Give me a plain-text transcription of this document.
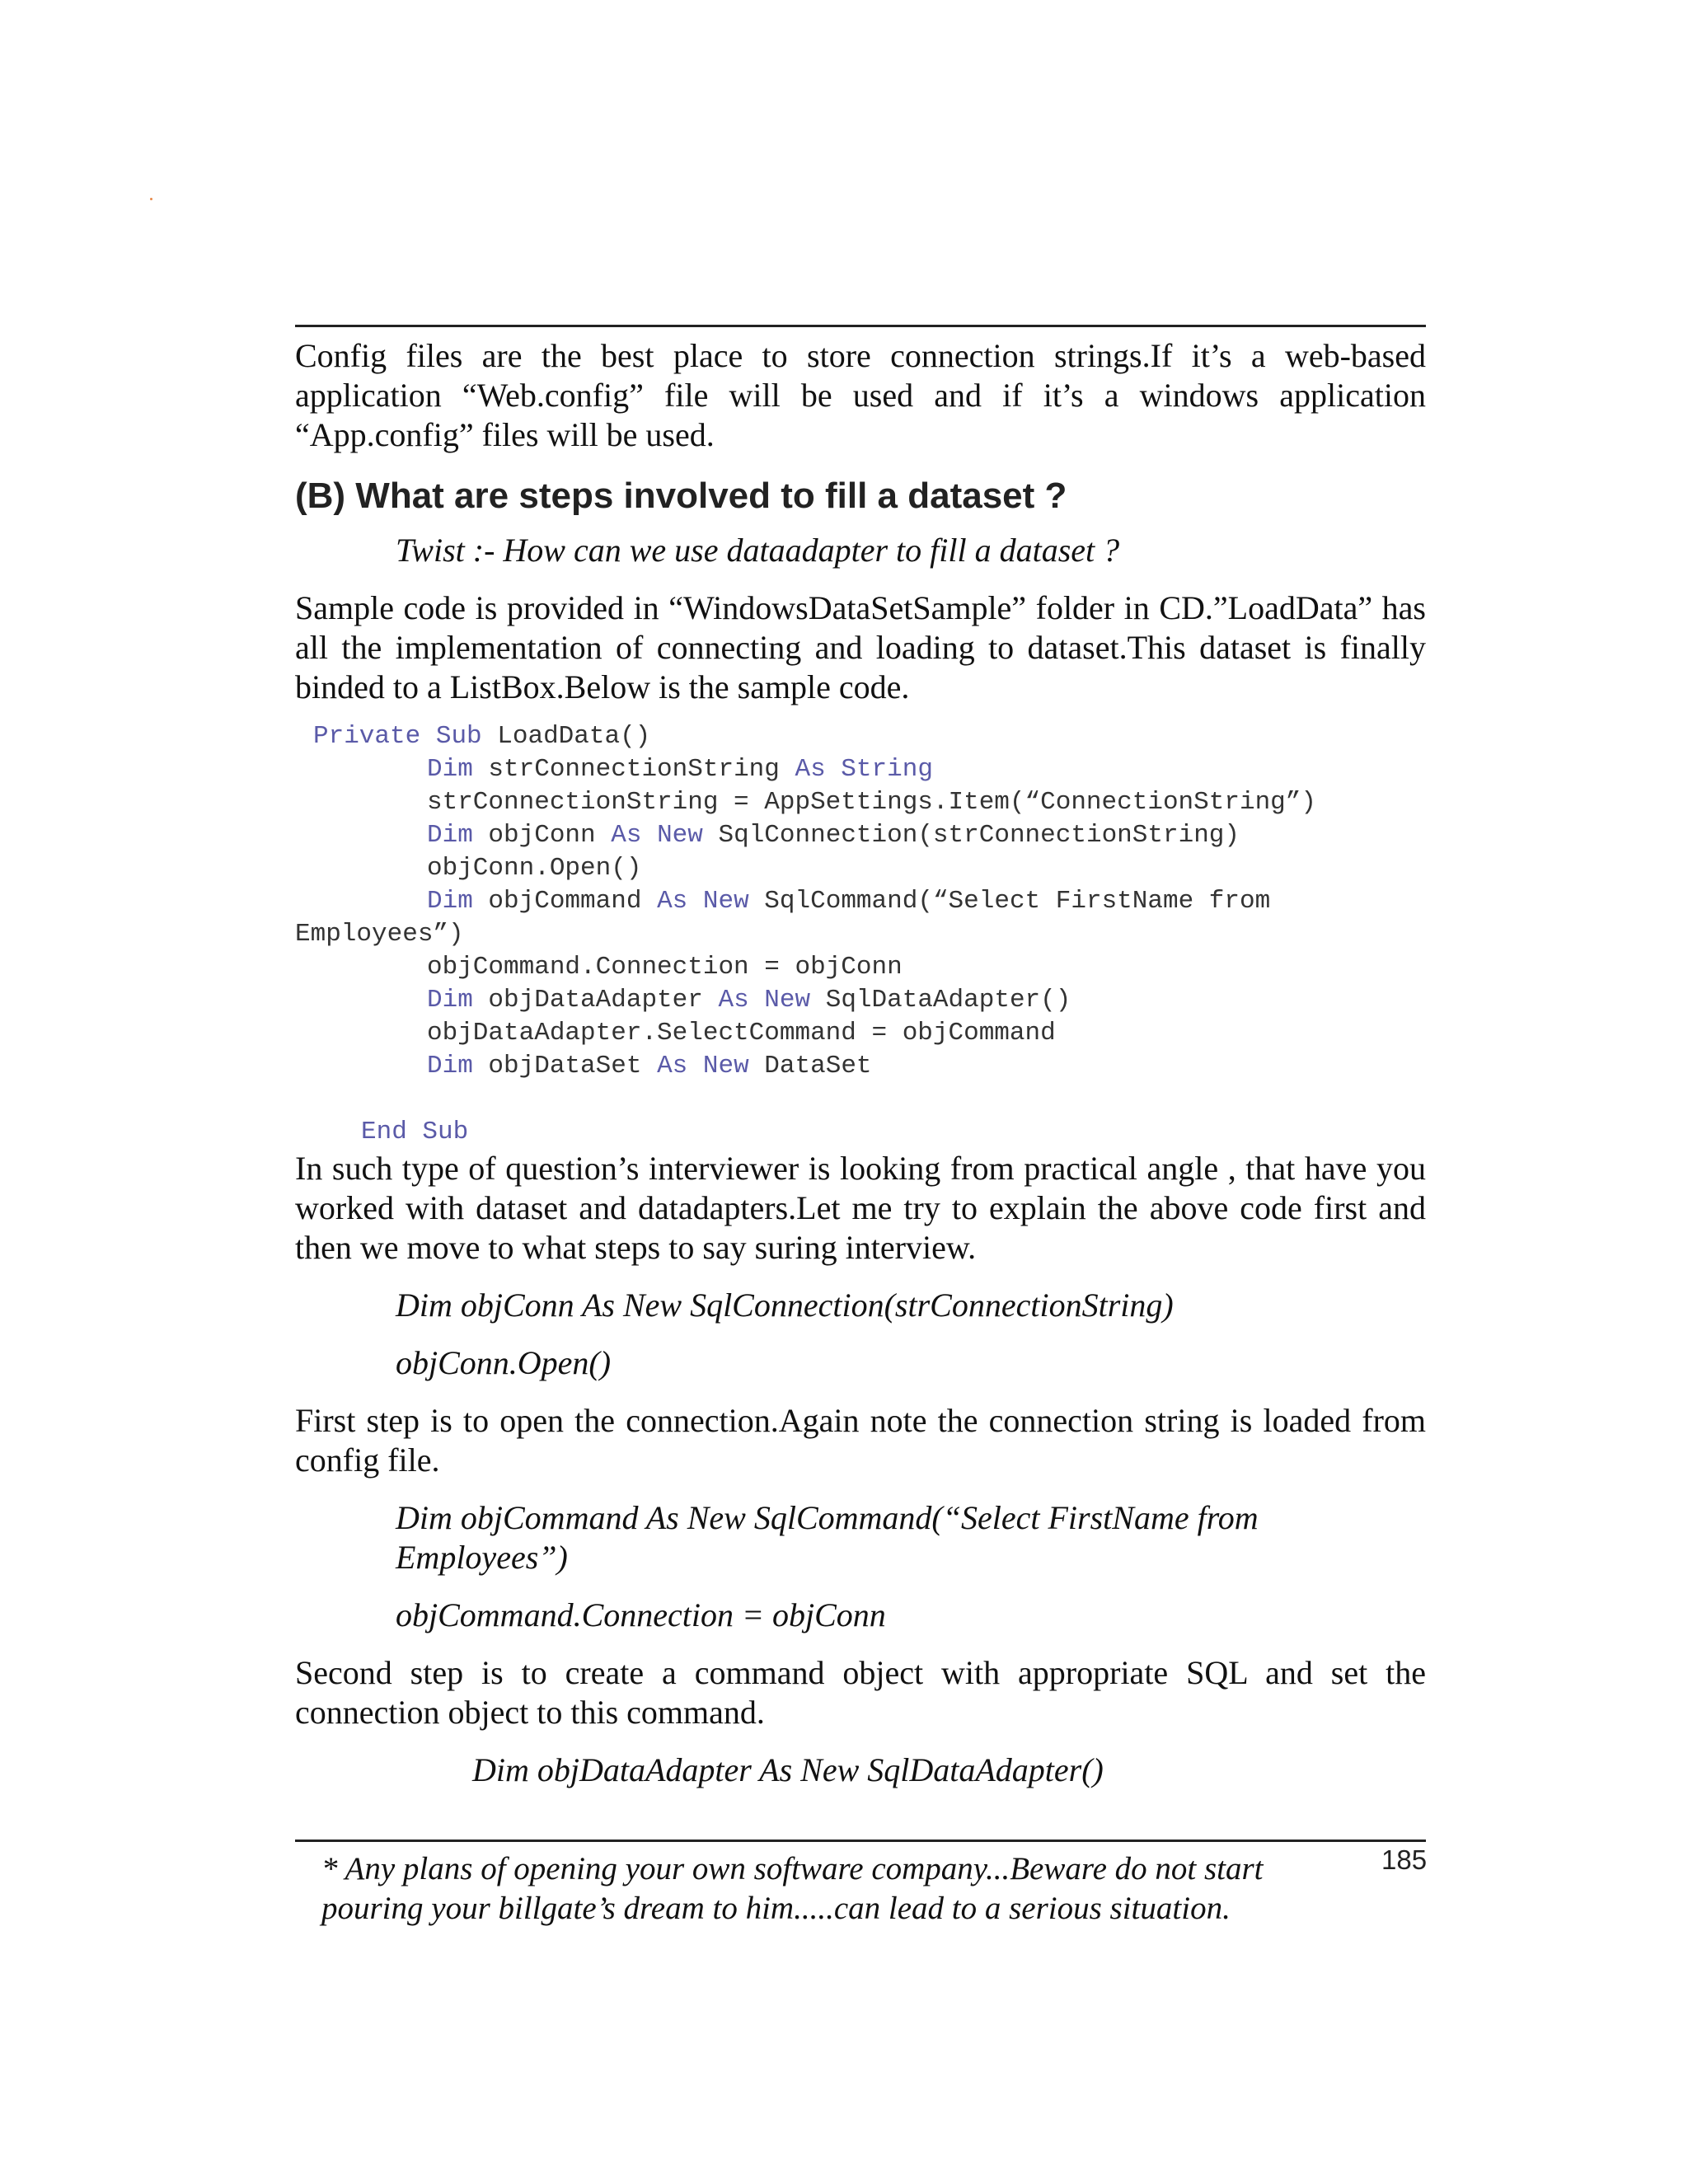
Config files are the best place to store connection strings.If it’s a web-based application “Web.config” file will be used and if it’s a windows application “App.config” files will be used.

(B) What are steps involved to fill a dataset ?

Twist :- How can we use dataadapter to fill a dataset ?

Sample code is provided in “WindowsDataSetSample” folder in CD.”LoadData” has all the implementation of connecting and loading to dataset.This dataset is finally binded to a ListBox.Below is the sample code.

Private Sub LoadData()
Dim strConnectionString As String
strConnectionString = AppSettings.Item(“ConnectionString”)
Dim objConn As New SqlConnection(strConnectionString)
objConn.Open()
Dim objCommand As New SqlCommand(“Select FirstName from
Employees”)
objCommand.Connection = objConn
Dim objDataAdapter As New SqlDataAdapter()
objDataAdapter.SelectCommand = objCommand
Dim objDataSet As New DataSet
End Sub

In such type of question’s interviewer is looking from practical angle , that have you worked with dataset and datadapters.Let me try to explain the above code first and then we move to what steps to say suring interview.

Dim objConn As New SqlConnection(strConnectionString)

objConn.Open()

First step is to open the connection.Again note the connection string is loaded from config file.

Dim objCommand As New SqlCommand(“Select FirstName from Employees”)

objCommand.Connection = objConn

Second step is to create a command object with appropriate SQL and set the connection object to this command.

Dim objDataAdapter As New SqlDataAdapter()

* Any plans of opening your own software company...Beware do not start pouring your billgate’s dream to him.....can lead to a serious situation.
185
